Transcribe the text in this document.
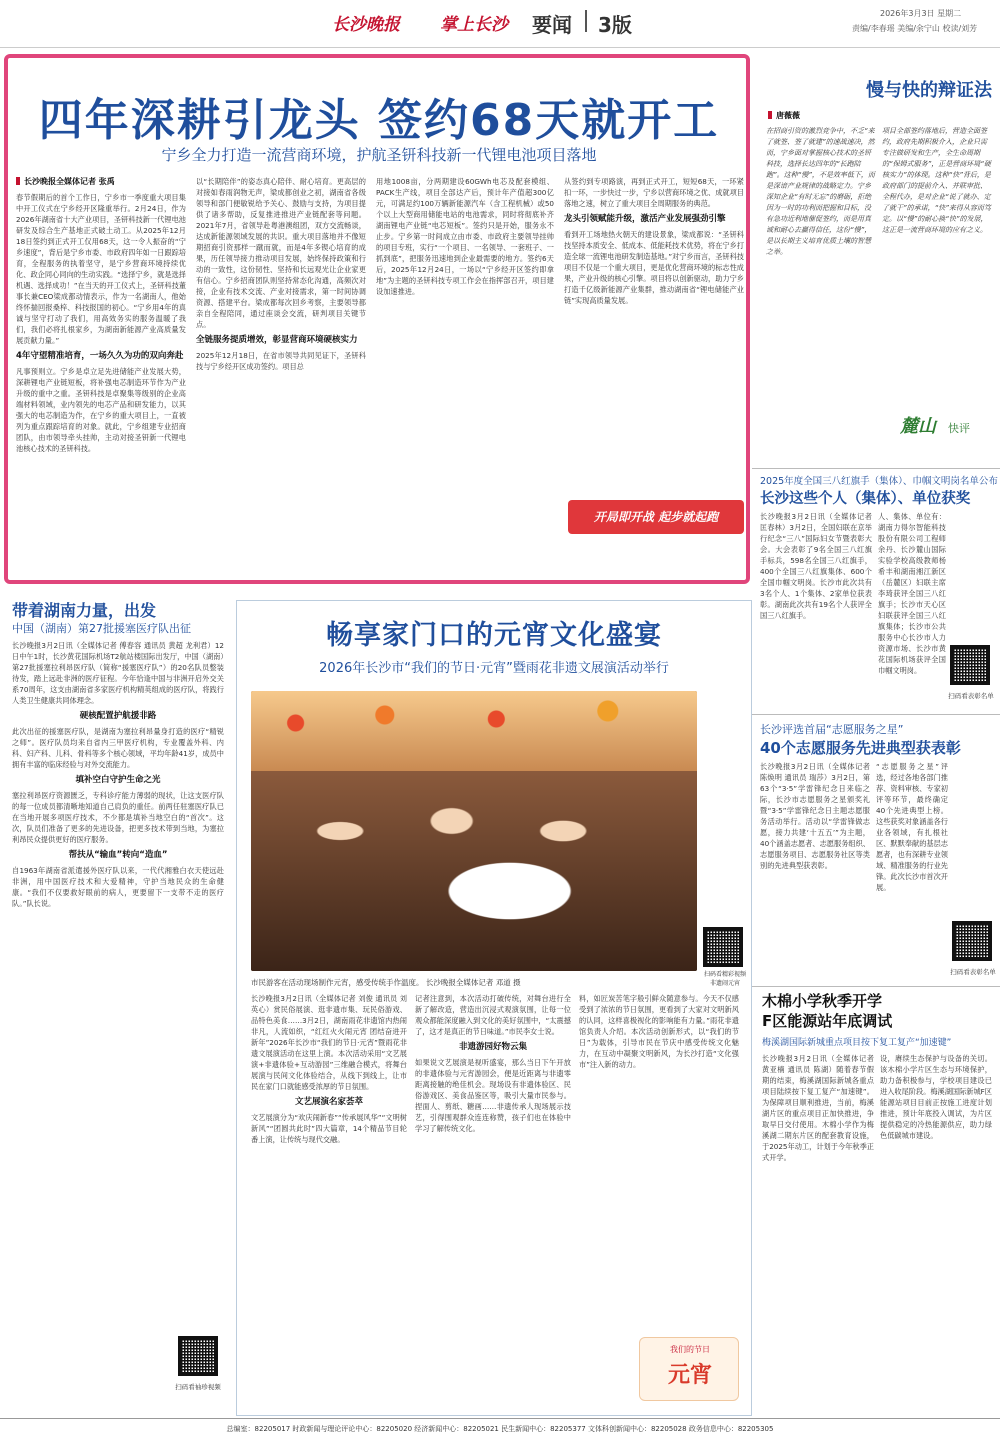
长沙晚报 掌上长沙 要闻 3版	2026年3月3日 星期二
责编/李春瑶 美编/余宁山 校读/刘芳
四年深耕引龙头 签约68天就开工
宁乡全力打造一流营商环境，护航圣钘科技新一代锂电池项目落地
长沙晚报全媒体记者 张禹

春节假期后的首个工作日，宁乡市一季度重大项目集中开工仪式在宁乡经开区隆重举行。2月24日，作为2026年湖南省十大产业项目，圣钘科技新一代锂电池研发及综合生产基地正式破土动工。从2025年12月18日签约到正式开工仅用68天，这一令人振奋的“宁乡速度”，背后是宁乡市委、市政府四年如一日跟踪培育，全程服务的执着坚守，是宁乡营商环境持续优化、政企同心同向的生动实践。“选择宁乡，就是选择机遇、选择成功！”在当天的开工仪式上，圣钘科技董事长兼CEO梁成都动情表示，作为一名湖南人，他始终怀揣回报桑梓、科技报国的初心。“宁乡用4年的真诚与坚守打动了我们，用高效务实的服务温暖了我们，我们必将扎根家乡，为湖南新能源产业高质量发展贡献力量。”

4年守望精准培育，一场久久为功的双向奔赴

凡事预则立。宁乡是卓立足先进储能产业发展大势，深耕锂电产业链短板，将补强电芯制造环节作为产业升级的重中之重。圣钘科技是卓聚集等级别的企业高端材料领域，业内领先的电芯产品和研发能力，以其强大的电芯制造为作，在宁乡的重大项目上，一直被列为重点跟踪培育的对象。就此，宁乡组建专业招商团队，由市领导牵头挂帅，主动对接圣钘新一代锂电池核心技术的圣钘科技。

以“长期陪伴”的姿态真心陪伴、耐心培育。更高层的对接如春雨润物无声，梁成都创业之初，湖南省各级领导和部门便敏锐给予关心、鼓励与支持，为项目提供了诸多帮助，反复推进推进产业链配套等问题。2021年7月，省领导赴粤港澳组团，双方交流畅谈，达成新能源领域发展的共识。重大项目落地并不像短期招商引资那样一蹴而就，而是4年多锲心培育的成果，历任领导接力推动项目发展，始终保持政策和行动的一致性，这份韧性、坚持和长远观光让企业家更有信心。宁乡招商团队则坚持常态化沟通，高频次对接，企业有技术交流、产业对接需求，第一时间协调资源、搭建平台。梁成都每次回乡考察，主要领导都亲自全程陪同，通过座谈会交流，研判项目关键节点。

全链服务提质增效，彰显营商环境硬核实力

2025年12月18日，在省市领导共同见证下，圣钘科技与宁乡经开区成功签约。项目总

用地1008亩，分两期建设60GWh电芯及配套模组、PACK生产线，项目全部达产后，预计年产值超300亿元，可满足约100万辆新能源汽车（含工程机械）或50个以上大型商用储能电站的电池需求，同时将彻底补齐湖南锂电产业链“电芯短板”。签约只是开始，服务永不止步。宁乡第一时间成立由市委、市政府主要领导挂帅的项目专班，实行“一个项目、一名领导、一套班子、一抓到底”，把服务迅速地到企业最需要的地方。签约6天后，2025年12月24日，一场以“宁乡经开区签约即拿地”为主题的圣钘科技专项工作会在指挥部召开，项目建设加速推进。

从签约到专项路演，再到正式开工，短短68天，一环紧扣一环，一步快过一步，宁乡以营商环境之优、成就项目落地之速，树立了重大项目全周期服务的典范。

龙头引领赋能升级，激活产业发展强劲引擎

看到开工场地热火朝天的建设景象，梁成都说：“圣钘科技坚持本质安全、低成本、低能耗技术优势，将在宁乡打造全球一流锂电池研发制造基地。”对宁乡而言，圣钘科技项目不仅是一个重大项目，更是优化营商环境的标志性成果，产业升级的核心引擎。项目将以创新驱动，助力宁乡打造千亿级新能源产业集群，推动湖南省“锂电储能产业链”实现高质量发展。

开局即开战 起步就起跑
慢与快的辩证法
唐薇薇
在招商引资的激烈竞争中，不乏“来了就签、签了就建”的速战速决，然而，宁乡面对掌握核心技术的圣钘科技，选择长达四年的“长跑陪跑”。这种“慢”，不是效率低下，而是深谙产业规律的战略定力。宁乡深知企业“有时无忘”的磨砺，拒绝因为一时的功利而把握和目标，没有急功近利地催促签约，而是用真诚和耐心去赢得信任，这份“慢”，是以长期主义培育优质土壤的智慧之举。
项目全部签约落地后，营造全面签约，政府先期积极介入，企业只需专注做研发和生产，全生命周期的“保姆式服务”，正是营商环境“硬核实力”的体现。这种“快”背后，是政府部门的提前介入、并联审批、全程代办，是对企业“说了就办、定了就干”的承诺，“快”来得从容而笃定。以“慢”的耐心换“快”的发展，这正是一流营商环境的应有之义。
麓山 快评
2025年度全国三八红旗手（集体）、巾帼文明岗名单公布
长沙这些个人（集体）、单位获奖
长沙晚报3月2日讯（全媒体记者 匡春林）3月2日，全国妇联在京举行纪念“三八”国际妇女节暨表彰大会。大会表彰了9名全国三八红旗手标兵，598名全国三八红旗手，400个全国三八红旗集体、600个全国巾帼文明岗。长沙市此次共有3名个人、1个集体、2家单位获表彰。湖南此次共有19名个人获评全国三八红旗手。
人、集体、单位有：湖南力得尔智能科技股份有限公司工程师余丹、长沙麓山国际实验学校高级教师杨希丰和湖南湘江新区（岳麓区）妇联主席李琦获评全国三八红旗手；长沙市天心区妇联获评全国三八红旗集体；长沙市公共服务中心长沙市人力资源市场、长沙市黄花国际机场获评全国巾帼文明岗。
扫码看表彰名单
长沙评选首届“志愿服务之星”
40个志愿服务先进典型获表彰
长沙晚报3月2日讯（全媒体记者 陈焕明 通讯员 瑞莎）3月2日，第63个“3·5”学雷锋纪念日来临之际，长沙市志愿服务之星颁奖礼暨“3·5”学雷锋纪念日主题志愿服务活动举行。活动以“学雷锋做志愿，接力共建‘十五五’”为主题，40个涵盖志愿者、志愿服务组织、志愿服务项目、志愿服务社区等类别的先进典型获表彰。
“志愿服务之星”评选，经过各地各部门推荐、资料审核、专家初评等环节，最终确定40个先进典型上榜。这些获奖对象涵盖各行业各领域，有扎根社区、默默奉献的基层志愿者，也有深耕专业领域、精准服务的行业先锋。此次长沙市首次开展。
扫码看表彰名单
木棉小学秋季开学
F区能源站年底调试
梅溪湖国际新城重点项目按下复工复产“加速键”
长沙晚报3月2日讯（全媒体记者 黄亚楠 通讯员 陈湖）随着春节假期的结束，梅溪湖国际新城各重点项目陆续按下复工复产“加速键”。为保障项目顺利推进，当前，梅溪湖片区的重点项目正加快推进，争取早日交付使用。木棉小学作为梅溪湖二期东片区的配套教育设施，于2025年动工，计划于今年秋季正式开学。
设，赓续生态保护与设备的关切。该木棉小学片区生态与环境保护，助力备积极参与，学校项目建设已进入收尾阶段。梅溪湖国际新城F区能源站项目目前正按施工进度计划推进，预计年底投入调试，为片区提供稳定的冷热能源供应，助力绿色低碳城市建设。
带着湖南力量，出发
中国（湖南）第27批援塞医疗队出征

长沙晚报3月2日讯（全媒体记者 傅春容 通讯员 黄超 龙利君）12日中午1时，长沙黄花国际机场T2航站楼国际出发厅，中国（湖南）第27批援塞拉利昂医疗队（简称“援塞医疗队”）的20名队员整装待发，踏上远赴非洲的医疗征程。今年恰逢中国与非洲开启外交关系70周年，这支由湖南省多家医疗机构精英组成的医疗队，将践行人类卫生健康共同体理念。

硬核配置护航援非路

此次出征的援塞医疗队，是湖南为塞拉利昂量身打造的医疗“精锐之师”。医疗队员均来自省内三甲医疗机构，专业覆盖外科、内科、妇产科、儿科、骨科等多个核心领域，平均年龄41岁，成员中拥有丰富的临床经验与对外交流能力。

填补空白守护生命之光

塞拉利昂医疗资源匮乏，专科诊疗能力薄弱的现状，让这支医疗队的每一位成员都清晰地知道自己肩负的重任。前两任驻塞医疗队已在当地开展多项医疗技术，不少都是填补当地空白的“首次”。这次，队员们准备了更多的先进设备，把更多技术带到当地，为塞拉利昂民众提供更好的医疗服务。

帮扶从“输血”转向“造血”

自1963年湖南省派遣援外医疗队以来，一代代湘雅白衣天使远赴非洲，用中国医疗技术和大爱精神，守护当地民众的生命健康。“我们不仅要救好眼前的病人，更要留下一支带不走的医疗队。”队长说。

扫码看袖珍视频
畅享家门口的元宵文化盛宴
2026年长沙市“我们的节日·元宵”暨雨花非遗文展演活动举行
市民游客在活动现场制作元宵，感受传统手作温度。 长沙晚报全媒体记者 邓道 摄
扫码看精彩视频 非遗闹元宵

长沙晚报3月2日讯（全媒体记者 刘俊 通讯员 刘英心）赏民俗展演、逛非遗市集、玩民俗游戏、品特色美食……3月2日，湖南雨花非遗馆内热闹非凡，人流如织，“红红火火闹元宵 团结奋进开新年”2026年长沙市“我们的节日·元宵”暨雨花非遗文展演活动在这里上演。本次活动采用“文艺展演+非遗体验+互动游园”三维融合模式，将舞台展演与民间文化体验结合，从线下到线上，让市民在家门口就能感受浓厚的节日氛围。

文艺展演名家荟萃

文艺展演分为“欢庆闹新春”“传承展风华”“文明树新风”“团圆共此时”四大篇章，14个精品节目轮番上演，让传统与现代交融。

记者注意到，本次活动打破传统，对舞台进行全新了解改造，营造出沉浸式观演氛围，让每一位观众都能深度融入到文化的美好氛围中，“太震撼了，这才是真正的节日味道。”市民李女士说。

非遗游园好物云集

如果说文艺展演是视听盛宴，那么当日下午开放的非遗体验与元宵游园会，便是近距离与非遗零距离接触的绝佳机会。现场设有非遗体验区、民俗游戏区、美食品鉴区等，吸引大量市民参与。捏面人、剪纸、糖画……非遗传承人现场展示技艺，引得围观群众连连称赞，孩子们也在体验中学习了解传统文化。

料，如匠炭苦笔字般引鲜众随意参与。今天不仅感受到了浓浓的节日氛围，更看到了大家对文明新风的认同，这样喜极视化的影响能有力量。”雨花非遗馆负责人介绍。本次活动创新形式，以“我们的节日”为载体，引导市民在节庆中感受传统文化魅力，在互动中凝聚文明新风，为长沙打造“文化强市”注入新的动力。
我们的节日
元宵
总编室：82205017 时政新闻与理论评论中心：82205020 经济新闻中心：82205021 民生新闻中心：82205377 文体科创新闻中心：82205028 政务信息中心：82205305
